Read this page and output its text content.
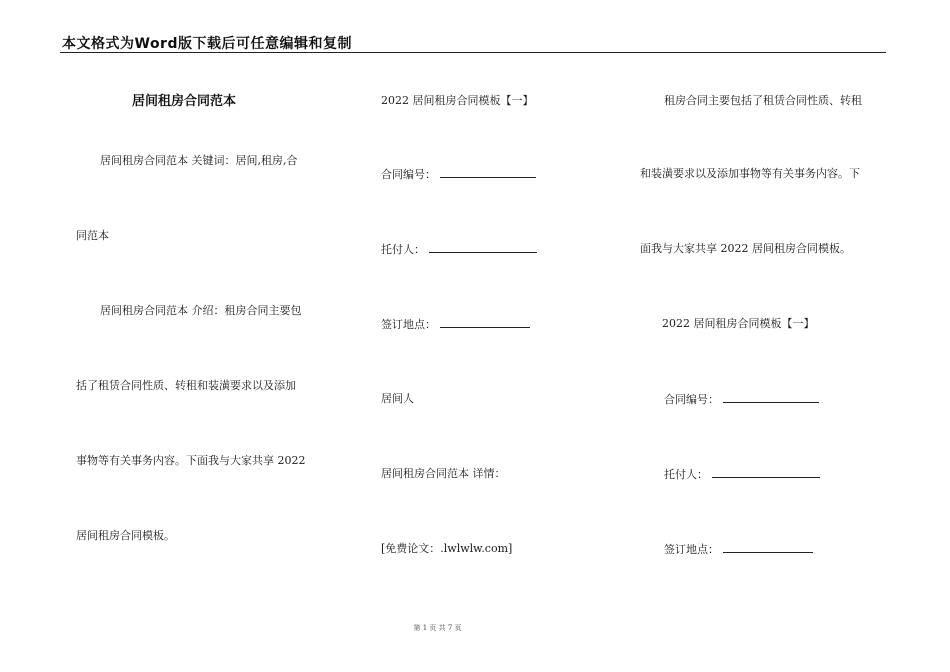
本文格式为Word版下载后可任意编辑和复制
居间租房合同范本
居间租房合同范本 关键词：居间,租房,合
同范本
居间租房合同范本 介绍：租房合同主要包
括了租赁合同性质、转租和装潢要求以及添加
事物等有关事务内容。下面我与大家共享 2022
居间租房合同模板。
2022 居间租房合同模板【一】
合同编号：
托付人：
签订地点：
居间人
居间租房合同范本 详情：
[免费论文：.lwlwlw.com]
租房合同主要包括了租赁合同性质、转租
和装潢要求以及添加事物等有关事务内容。下
面我与大家共享 2022 居间租房合同模板。
2022 居间租房合同模板【一】
合同编号：
托付人：
签订地点：
第 1 页 共 7 页
